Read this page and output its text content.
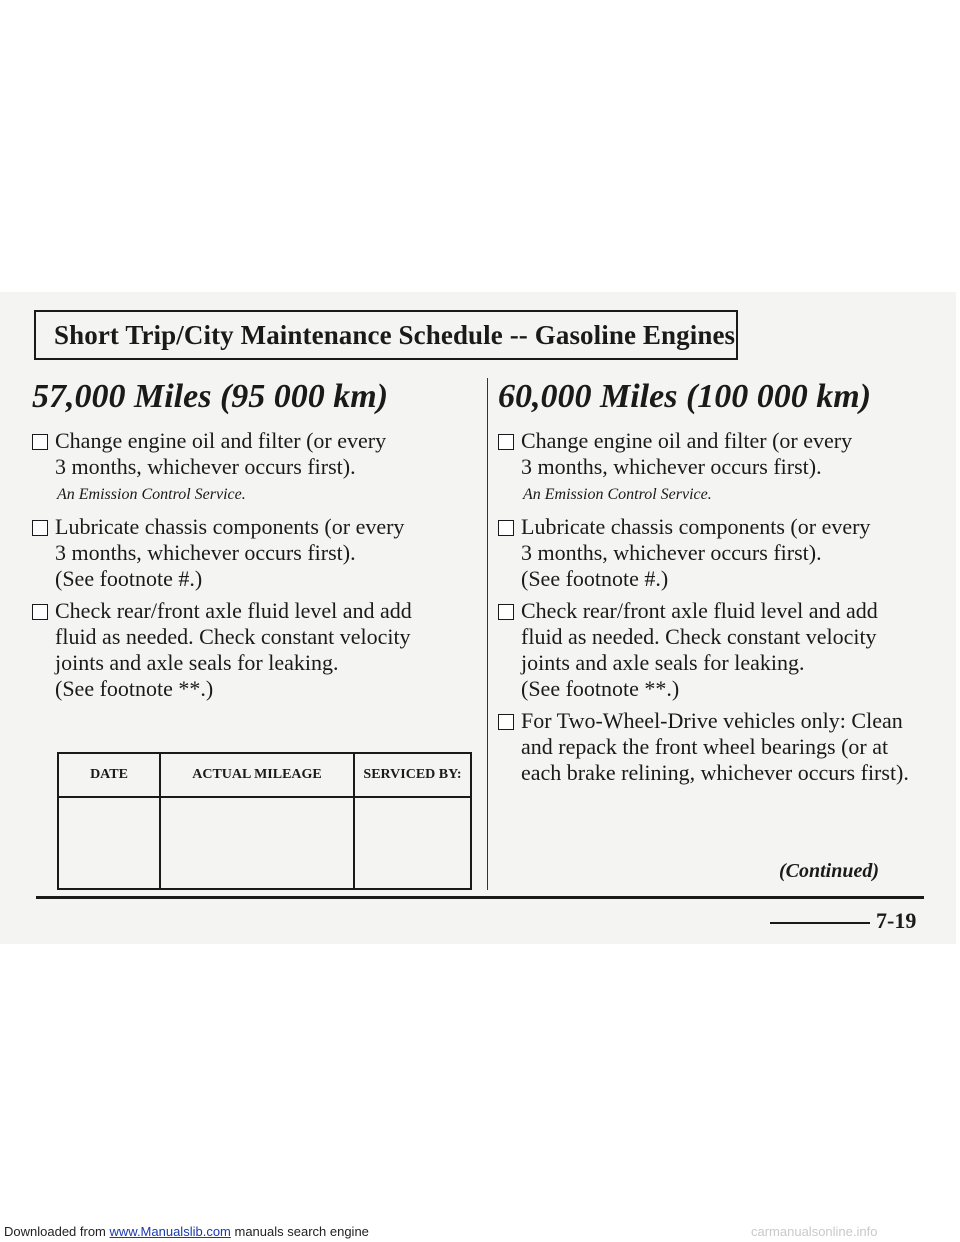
Short Trip/City Maintenance Schedule -- Gasoline Engines
57,000 Miles (95 000 km)
Change engine oil and filter (or every
3 months, whichever occurs first).
An Emission Control Service.
Lubricate chassis components (or every
3 months, whichever occurs first).
(See footnote #.)
Check rear/front axle fluid level and add
fluid as needed. Check constant velocity
joints and axle seals for leaking.
(See footnote **.)
DATE	ACTUAL MILEAGE	SERVICED BY:

60,000 Miles (100 000 km)
Change engine oil and filter (or every
3 months, whichever occurs first).
An Emission Control Service.
Lubricate chassis components (or every
3 months, whichever occurs first).
(See footnote #.)
Check rear/front axle fluid level and add
fluid as needed. Check constant velocity
joints and axle seals for leaking.
(See footnote **.)
For Two-Wheel-Drive vehicles only: Clean
and repack the front wheel bearings (or at
each brake relining, whichever occurs first).
(Continued)
7-19
Downloaded from www.Manualslib.com manuals search engine	carmanualsonline.info
